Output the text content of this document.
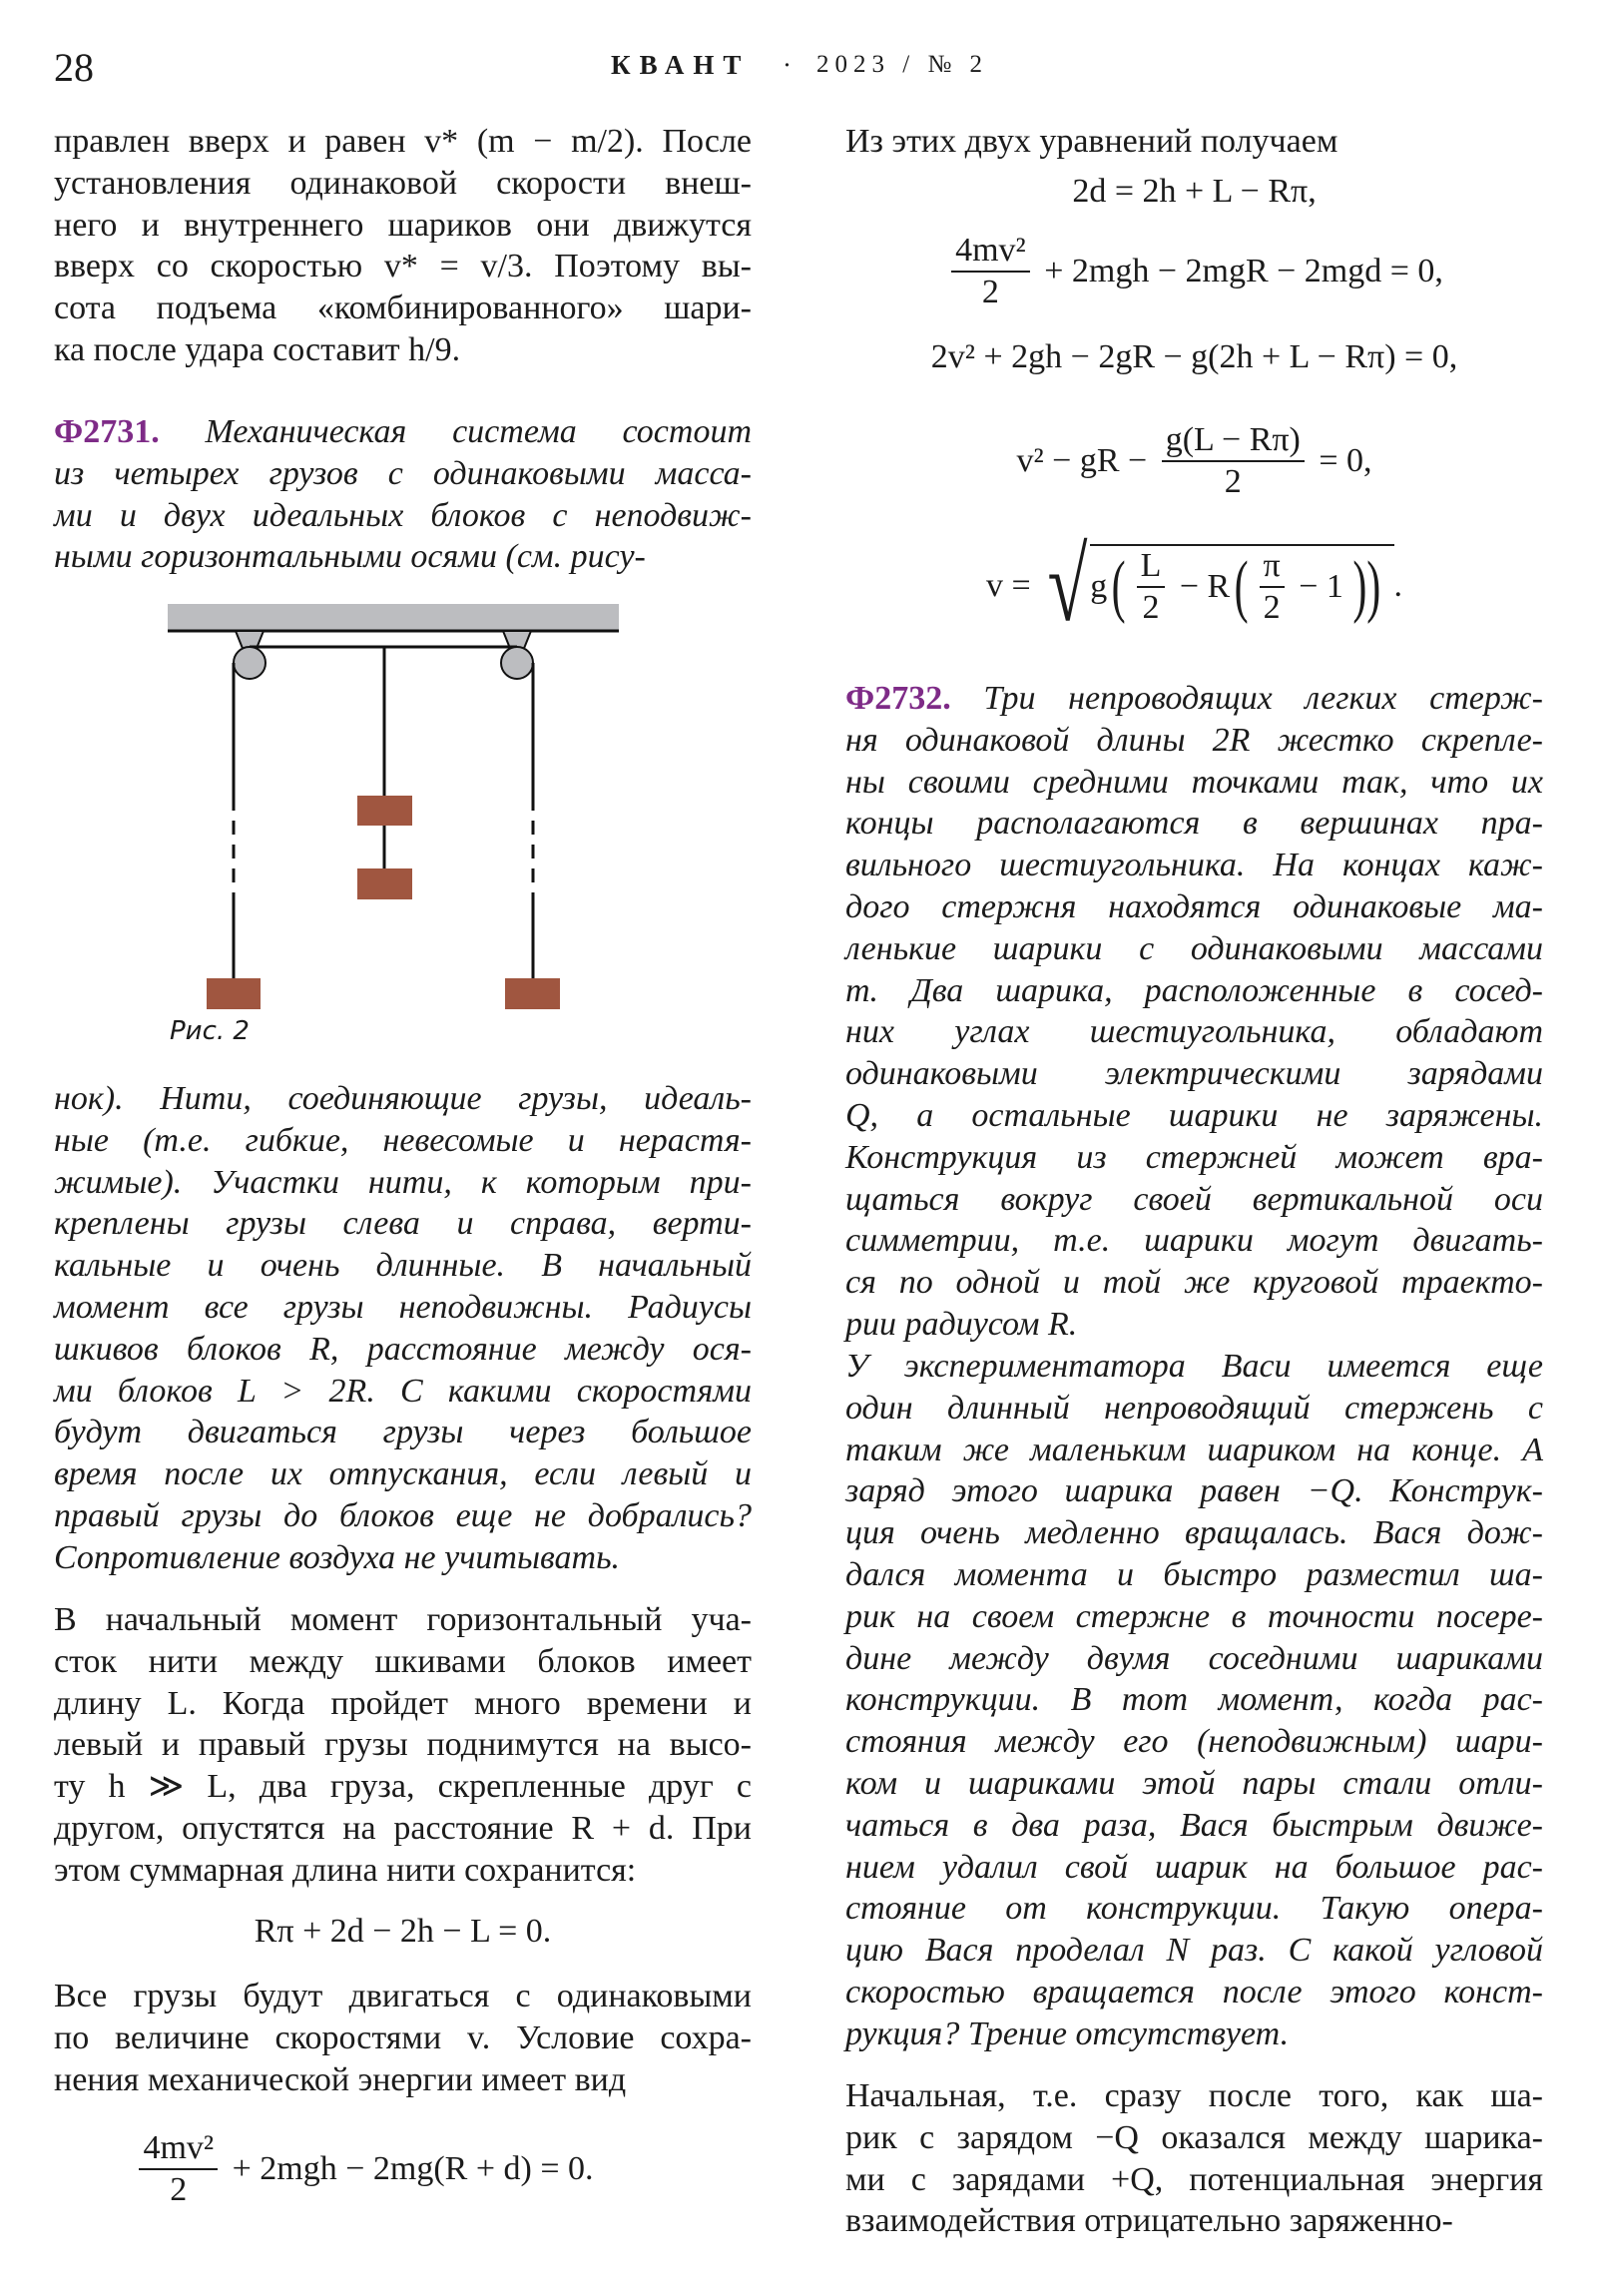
28	КВАНТ · 2023 / № 2
правлен вверх и равен v* (m − m/2). После
установления одинаковой скорости внеш-
него и внутреннего шариков они движутся
вверх со скоростью v* = v/3. Поэтому вы-
сота подъема «комбинированного» шари-
ка после удара составит h/9.
Ф2731. Механическая система состоит
из четырех грузов с одинаковыми масса-
ми и двух идеальных блоков с неподвиж-
ными горизонтальными осями (см. рису-
Рис. 2
нок). Нити, соединяющие грузы, идеаль-
ные (т.е. гибкие, невесомые и нерастя-
жимые). Участки нити, к которым при-
креплены грузы слева и справа, верти-
кальные и очень длинные. В начальный
момент все грузы неподвижны. Радиусы
шкивов блоков R, расстояние между ося-
ми блоков L > 2R. С какими скоростями
будут двигаться грузы через большое
время после их отпускания, если левый и
правый грузы до блоков еще не добрались?
Сопротивление воздуха не учитывать.
В начальный момент горизонтальный уча-
сток нити между шкивами блоков имеет
длину L. Когда пройдет много времени и
левый и правый грузы поднимутся на высо-
ту h ≫ L, два груза, скрепленные друг с
другом, опустятся на расстояние R + d. При
этом суммарная длина нити сохранится:
Rπ + 2d − 2h − L = 0.
Все грузы будут двигаться с одинаковыми
по величине скоростями v. Условие сохра-
нения механической энергии имеет вид
$\frac{\text{4mv²}}{2} + 2mgh - 2mg(R + d) = 0$.
Из этих двух уравнений получаем
2d = 2h + L − Rπ,
$\frac{\text{4mv²}}{2} + 2mgh - 2mgR - 2mgd = 0$,
2v² + 2gh − 2gR − g(2h + L − Rπ) = 0,
v² − gR − $\frac{g(L - R\pi)}{2} = 0$,
v = √ g ( $\frac{L}{2} - R$ ( $\frac{\pi}{2} - 1$ )) .
Ф2732. Три непроводящих легких стерж-
ня одинаковой длины 2R жестко скрепле-
ны своими средними точками так, что их
концы располагаются в вершинах пра-
вильного шестиугольника. На концах каж-
дого стержня находятся одинаковые ма-
ленькие шарики с одинаковыми массами
m. Два шарика, расположенные в сосед-
них углах шестиугольника, обладают
одинаковыми электрическими зарядами
Q, а остальные шарики не заряжены.
Конструкция из стержней может вра-
щаться вокруг своей вертикальной оси
симметрии, т.е. шарики могут двигать-
ся по одной и той же круговой траекто-
рии радиусом R.
У экспериментатора Васи имеется еще
один длинный непроводящий стержень с
таким же маленьким шариком на конце. А
заряд этого шарика равен −Q. Конструк-
ция очень медленно вращалась. Вася дож-
дался момента и быстро разместил ша-
рик на своем стержне в точности посере-
дине между двумя соседними шариками
конструкции. В тот момент, когда рас-
стояния между его (неподвижным) шари-
ком и шариками этой пары стали отли-
чаться в два раза, Вася быстрым движе-
нием удалил свой шарик на большое рас-
стояние от конструкции. Такую опера-
цию Вася проделал N раз. С какой угловой
скоростью вращается после этого конст-
рукция? Трение отсутствует.
Начальная, т.е. сразу после того, как ша-
рик с зарядом −Q оказался между шарика-
ми с зарядами +Q, потенциальная энергия
взаимодействия отрицательно заряженно-
